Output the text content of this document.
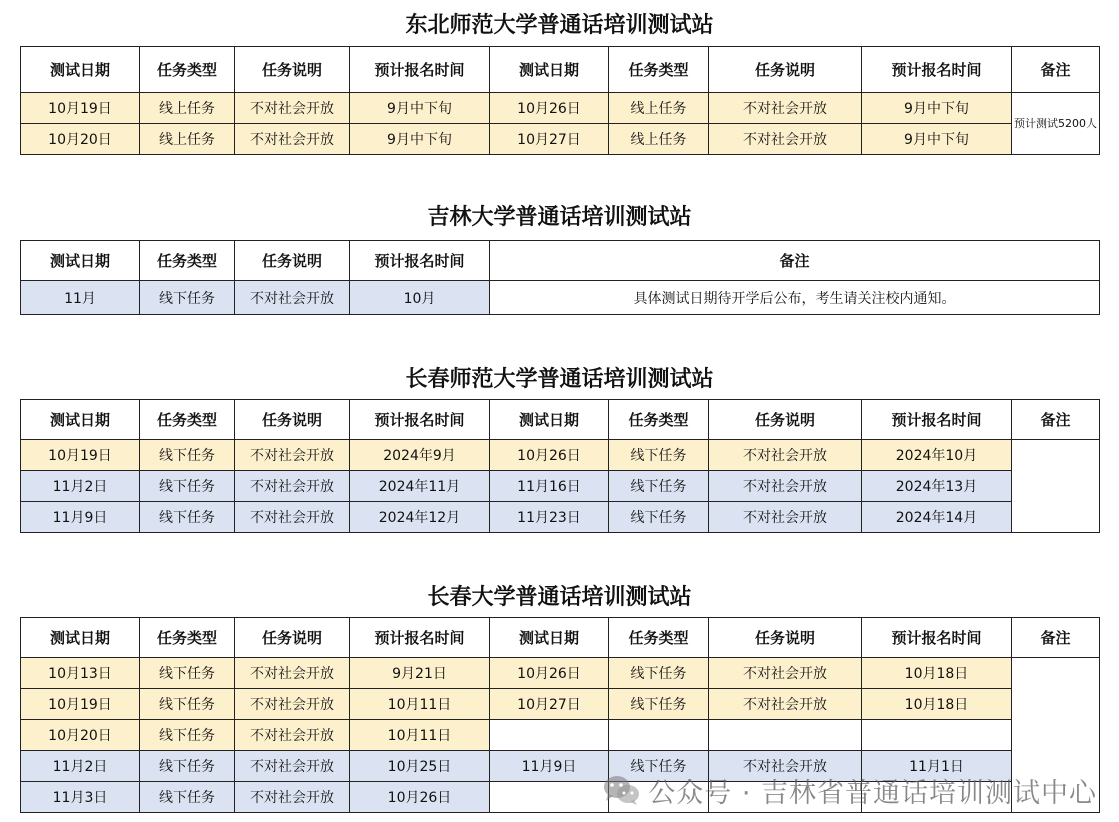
东北师范大学普通话培训测试站
测试日期	任务类型	任务说明	预计报名时间	测试日期	任务类型	任务说明	预计报名时间	备注
10月19日	线上任务	不对社会开放	9月中下旬	10月26日	线上任务	不对社会开放	9月中下旬	预计测试5200人
10月20日	线上任务	不对社会开放	9月中下旬	10月27日	线上任务	不对社会开放	9月中下旬	
吉林大学普通话培训测试站
测试日期	任务类型	任务说明	预计报名时间	备注
11月	线下任务	不对社会开放	10月	具体测试日期待开学后公布，考生请关注校内通知。
长春师范大学普通话培训测试站
测试日期	任务类型	任务说明	预计报名时间	测试日期	任务类型	任务说明	预计报名时间	备注
10月19日	线下任务	不对社会开放	2024年9月	10月26日	线下任务	不对社会开放	2024年10月	
11月2日	线下任务	不对社会开放	2024年11月	11月16日	线下任务	不对社会开放	2024年13月	
11月9日	线下任务	不对社会开放	2024年12月	11月23日	线下任务	不对社会开放	2024年14月	
长春大学普通话培训测试站
测试日期	任务类型	任务说明	预计报名时间	测试日期	任务类型	任务说明	预计报名时间	备注
10月13日	线下任务	不对社会开放	9月21日	10月26日	线下任务	不对社会开放	10月18日	
10月19日	线下任务	不对社会开放	10月11日	10月27日	线下任务	不对社会开放	10月18日	
10月20日	线下任务	不对社会开放	10月11日					
11月2日	线下任务	不对社会开放	10月25日	11月9日	线下任务	不对社会开放	11月1日	
11月3日	线下任务	不对社会开放	10月26日						公众号 · 吉林省普通话培训测试中心
